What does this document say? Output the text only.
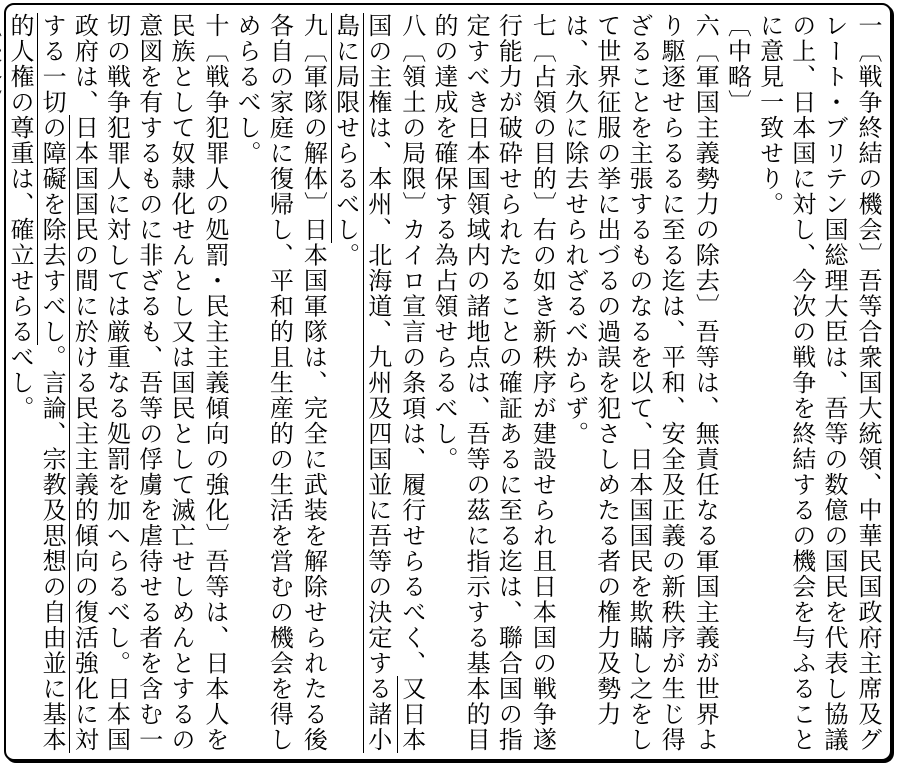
一〔戦争終結の機会〕吾等合衆国大統領、中華民国政府主席及グレート・ブリテン国総理大臣は、吾等の数億の国民を代表し協議の上、日本国に対し、今次の戦争を終結するの機会を与ふることに意見一致せり。

〔中略〕

六〔軍国主義勢力の除去〕吾等は、無責任なる軍国主義が世界より駆逐せらるるに至る迄は、平和、安全及正義の新秩序が生じ得ざることを主張するものなるを以て、日本国国民を欺瞞し之をして世界征服の挙に出づるの過誤を犯さしめたる者の権力及勢力は、永久に除去せられざるべからず。

七〔占領の目的〕右の如き新秩序が建設せられ且日本国の戦争遂行能力が破砕せられたることの確証あるに至る迄は、聯合国の指定すべき日本国領域内の諸地点は、吾等の茲に指示する基本的目的の達成を確保する為占領せらるべし。

八〔領土の局限〕カイロ宣言の条項は、履行せらるべく、又日本国の主権は、本州、北海道、九州及四国並に吾等の決定する諸小島に局限せらるべし。

九〔軍隊の解体〕日本国軍隊は、完全に武装を解除せられたる後各自の家庭に復帰し、平和的且生産的の生活を営むの機会を得しめらるべし。

十〔戦争犯罪人の処罰・民主主義傾向の強化〕吾等は、日本人を民族として奴隷化せんとし又は国民として滅亡せしめんとするの意図を有するものに非ざるも、吾等の俘虜を虐待せる者を含む一切の戦争犯罪人に対しては厳重なる処罰を加へらるべし。日本国政府は、日本国国民の間に於ける民主主義的傾向の復活強化に対する一切の障礙を除去すべし。言論、宗教及思想の自由並に基本的人権の尊重は、確立せらるべし。
